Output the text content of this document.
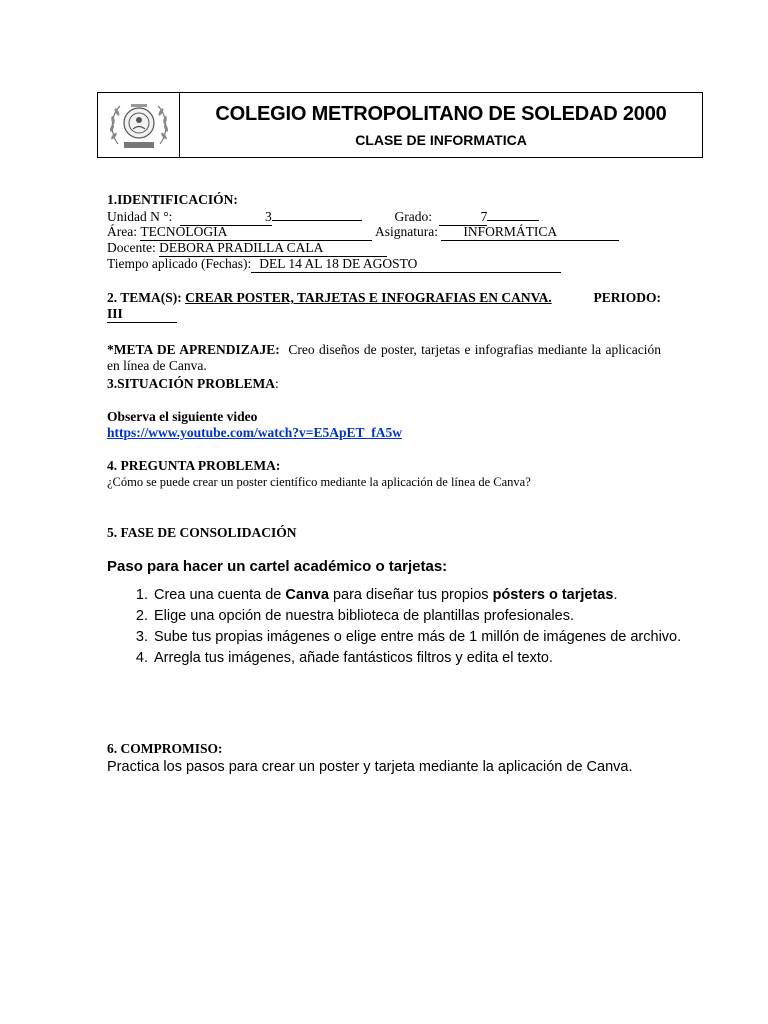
COLEGIO METROPOLITANO DE SOLEDAD 2000
CLASE DE INFORMATICA
1.IDENTIFICACIÓN:
Unidad N °:	3	Grado:	7
Área: TECNOLOGIA	Asignatura: INFORMÁTICA
Docente: DEBORA PRADILLA CALA
Tiempo aplicado (Fechas): DEL 14 AL 18 DE AGOSTO
2. TEMA(S): CREAR POSTER, TARJETAS E INFOGRAFIAS EN CANVA.	PERIODO:
III
*META DE APRENDIZAJE: Creo diseños de poster, tarjetas e infografias mediante la aplicación en línea de Canva.
3.SITUACIÓN PROBLEMA:
Observa el siguiente video
https://www.youtube.com/watch?v=E5ApET_fA5w
4. PREGUNTA PROBLEMA:
¿Cómo se puede crear un poster científico mediante la aplicación de línea de Canva?
5. FASE DE CONSOLIDACIÓN
Paso para hacer un cartel académico o tarjetas:
1. Crea una cuenta de Canva para diseñar tus propios pósters o tarjetas.
2. Elige una opción de nuestra biblioteca de plantillas profesionales.
3. Sube tus propias imágenes o elige entre más de 1 millón de imágenes de archivo.
4. Arregla tus imágenes, añade fantásticos filtros y edita el texto.
6. COMPROMISO:
Practica los pasos para crear un poster y tarjeta mediante la aplicación de Canva.
